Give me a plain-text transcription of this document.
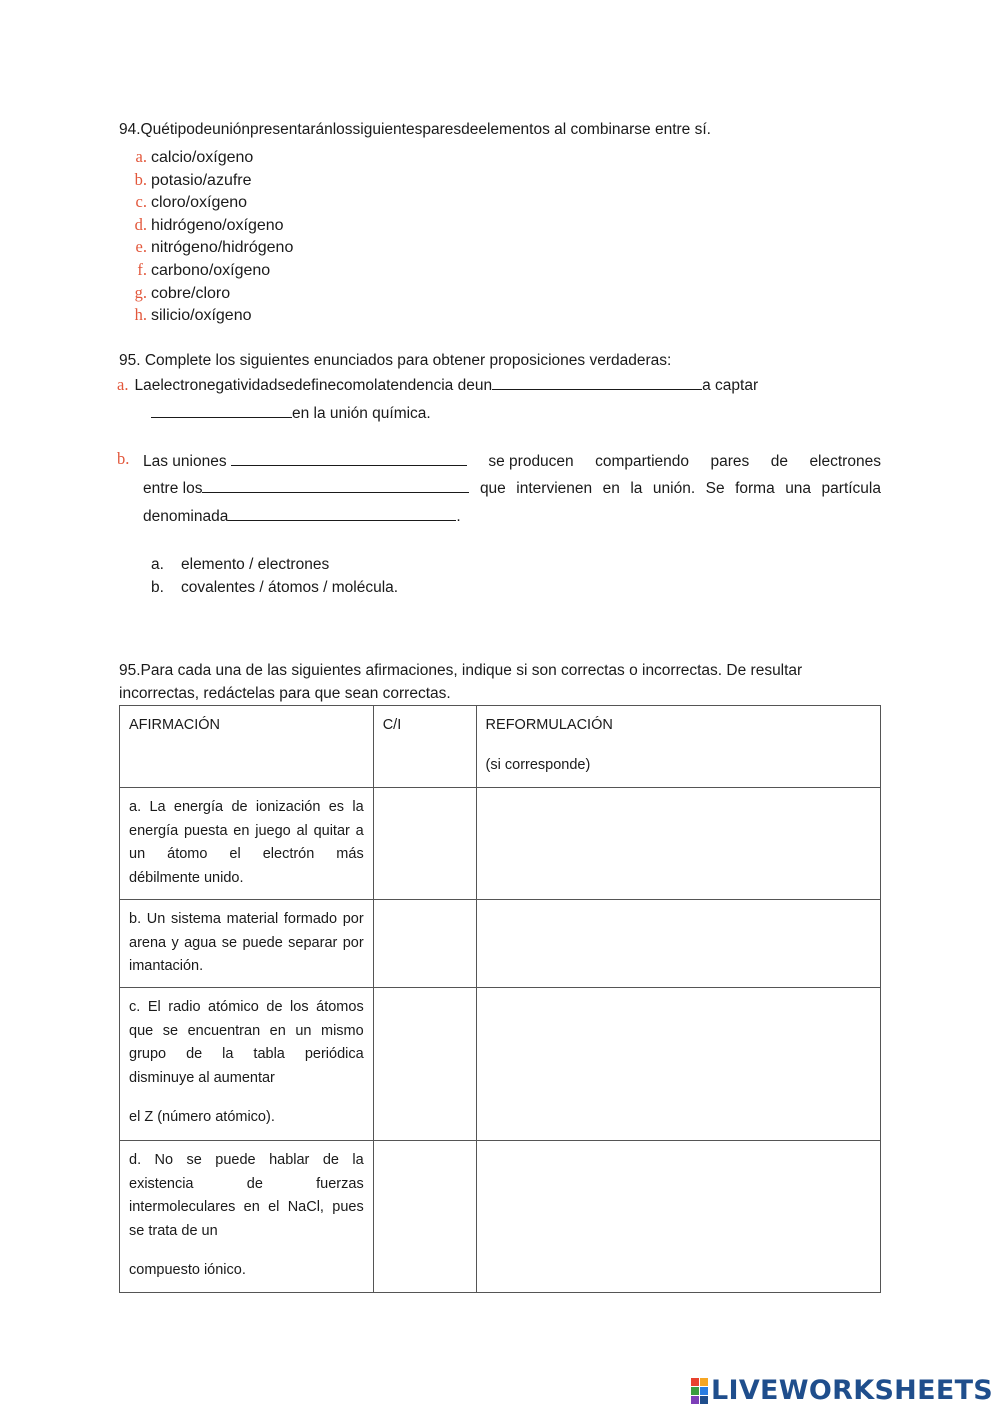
94.Quétipodeuniónpresentaránlossiguientesparesdeelementos al combinarse entre sí.
a. calcio/oxígeno
b. potasio/azufre
c. cloro/oxígeno
d. hidrógeno/oxígeno
e. nitrógeno/hidrógeno
f. carbono/oxígeno
g. cobre/cloro
h. silicio/oxígeno
95. Complete los siguientes enunciados para obtener proposiciones verdaderas:
a. Laelectronegatividadsedefinecomolatendencia deun	a captar
en la unión química.
b. Las uniones	se producen compartiendo pares de electrones
entre los	que intervienen en la unión. Se forma una partícula
denominada	.
a. elemento / electrones
b. covalentes / átomos / molécula.
95.Para cada una de las siguientes afirmaciones, indique si son correctas o incorrectas. De resultar
incorrectas, redáctelas para que sean correctas.
AFIRMACIÓN	C/I	REFORMULACIÓN
(si corresponde)

a. La energía de ionización es la energía puesta en juego al quitar a un átomo el electrón más débilmente unido.		

b. Un sistema material formado por arena y agua se puede separar por imantación.		

c. El radio atómico de los átomos que se encuentran en un mismo grupo de la tabla periódica disminuye al aumentar
el Z (número atómico).		

d. No se puede hablar de la existencia de fuerzas intermoleculares en el NaCl, pues se trata de un
compuesto iónico.		

LIVEWORKSHEETS
